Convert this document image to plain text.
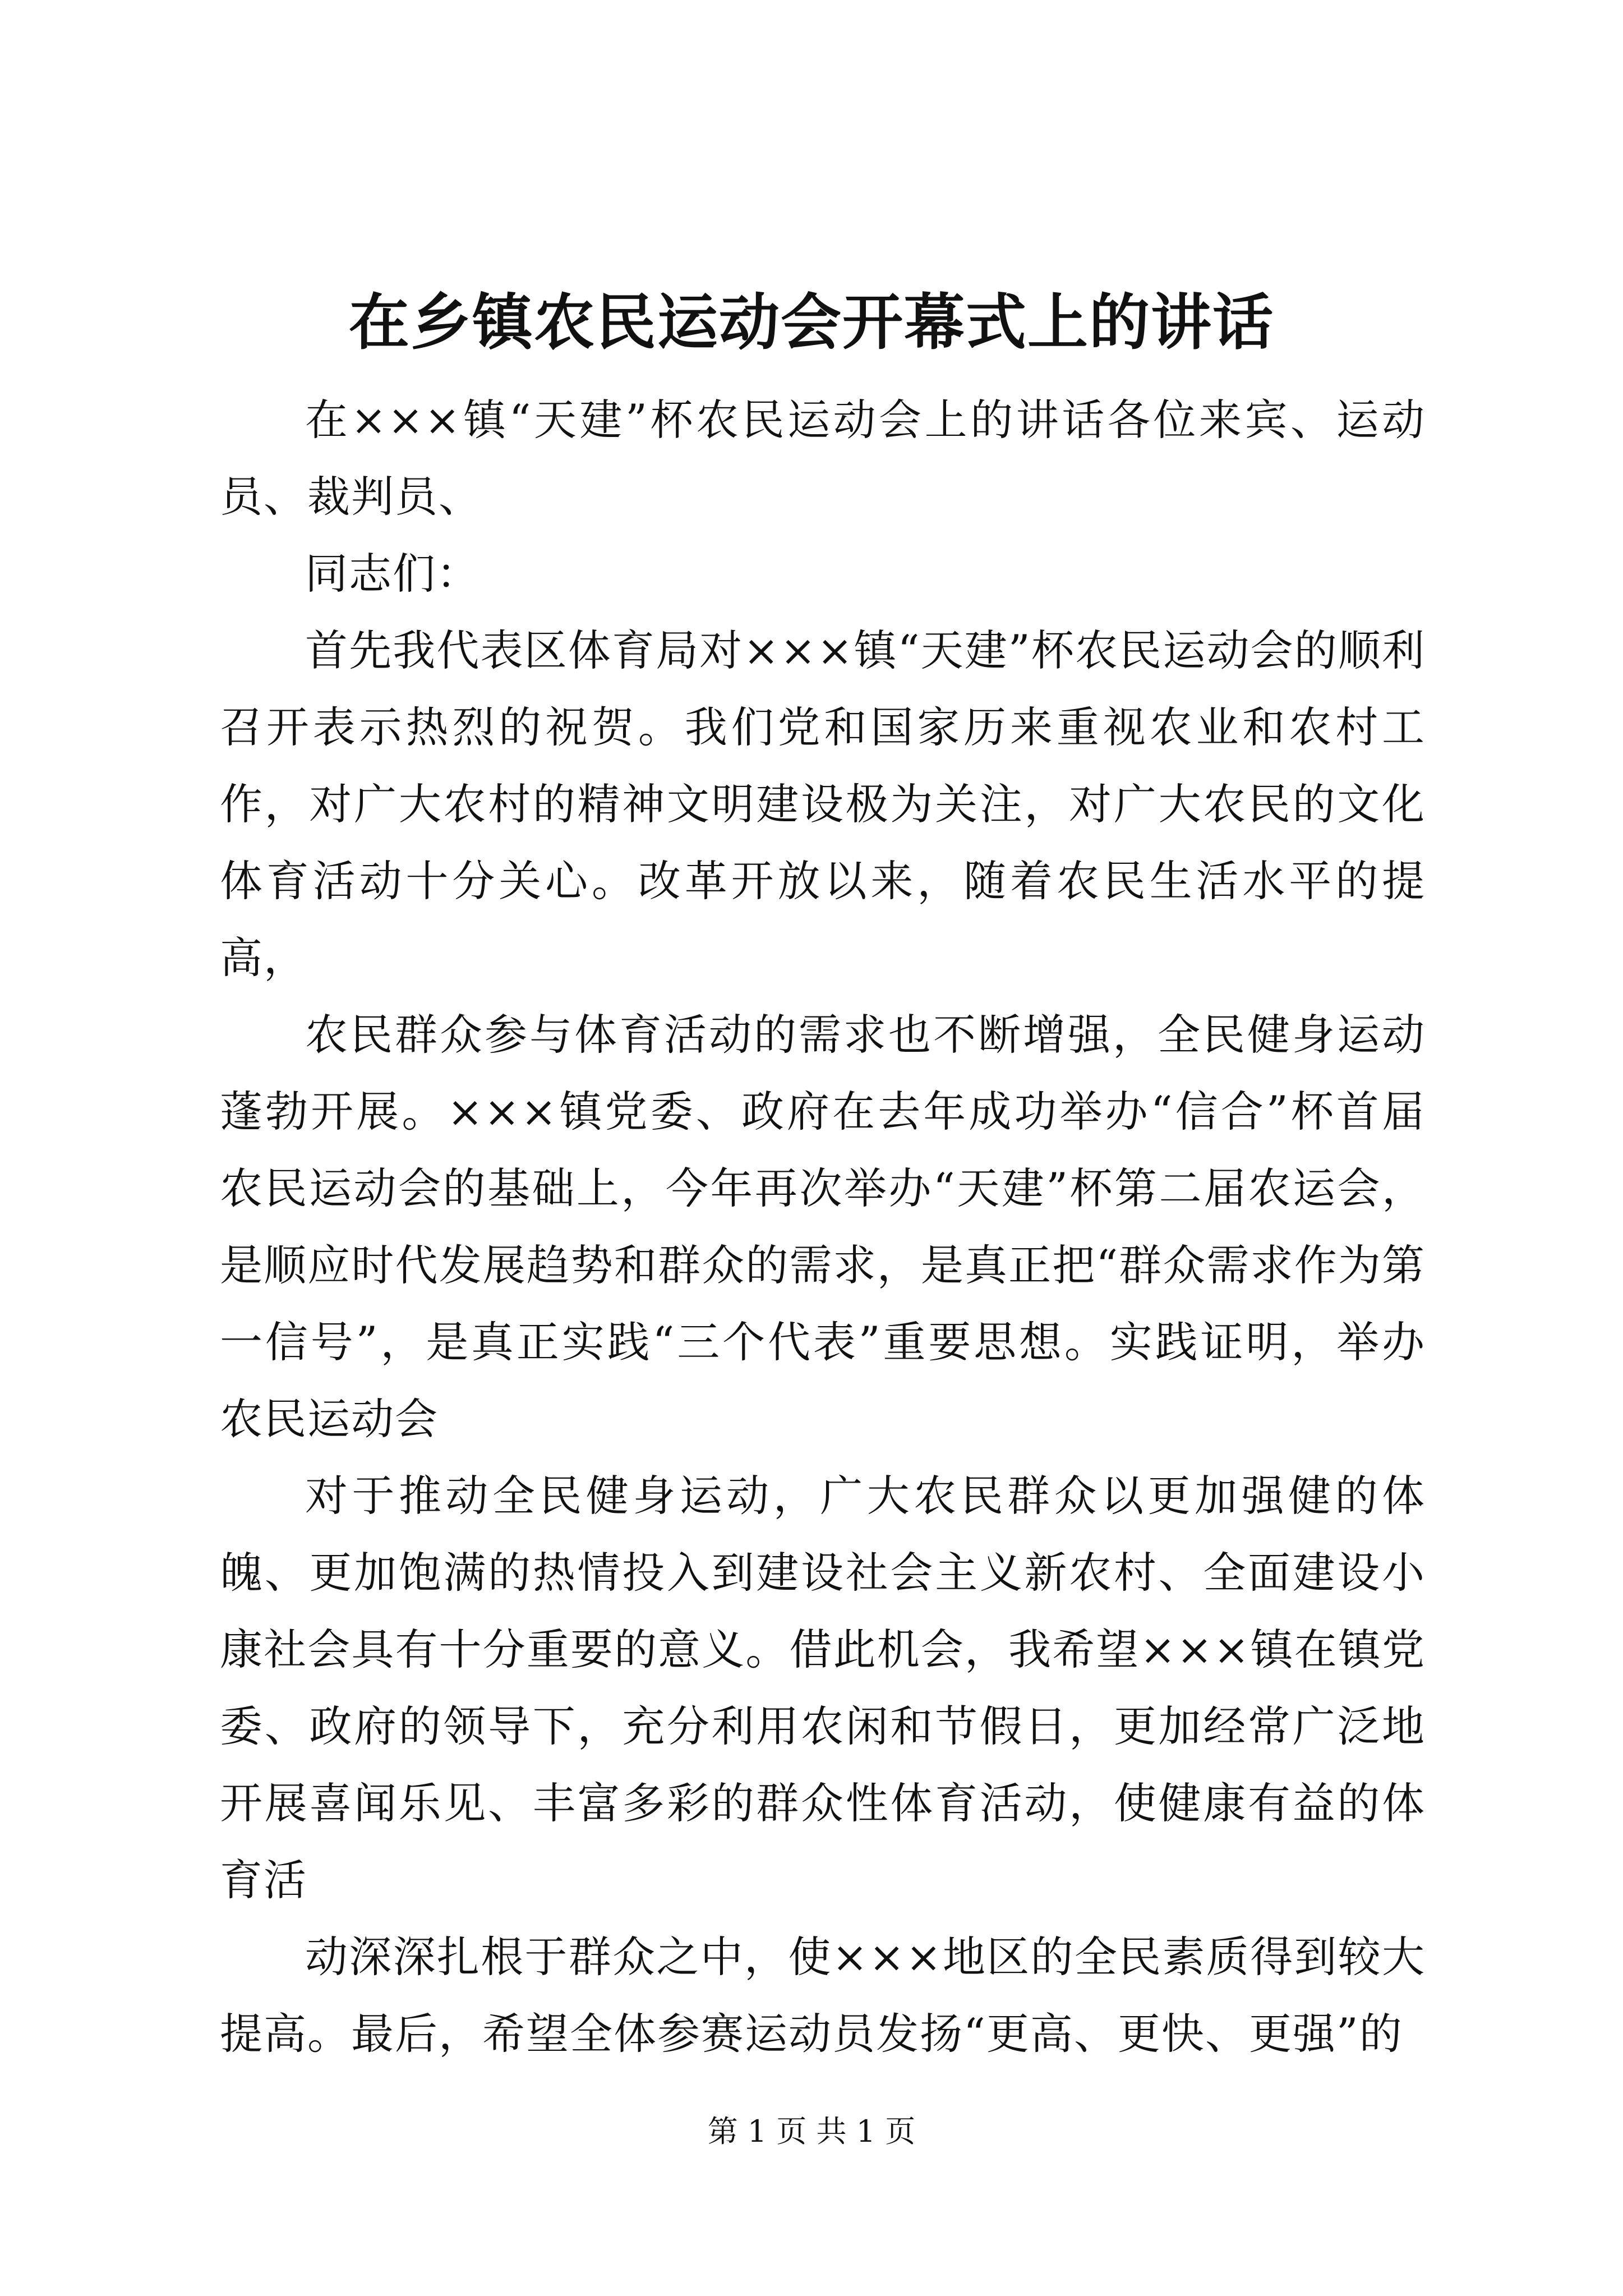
在乡镇农民运动会开幕式上的讲话

在×××镇“天建”杯农民运动会上的讲话各位来宾、运动员、裁判员、

同志们：

首先我代表区体育局对×××镇“天建”杯农民运动会的顺利召开表示热烈的祝贺。我们党和国家历来重视农业和农村工作，对广大农村的精神文明建设极为关注，对广大农民的文化体育活动十分关心。改革开放以来，随着农民生活水平的提高，

农民群众参与体育活动的需求也不断增强，全民健身运动蓬勃开展。×××镇党委、政府在去年成功举办“信合”杯首届农民运动会的基础上，今年再次举办“天建”杯第二届农运会，是顺应时代发展趋势和群众的需求，是真正把“群众需求作为第一信号”，是真正实践“三个代表”重要思想。实践证明，举办农民运动会

对于推动全民健身运动，广大农民群众以更加强健的体魄、更加饱满的热情投入到建设社会主义新农村、全面建设小康社会具有十分重要的意义。借此机会，我希望×××镇在镇党委、政府的领导下，充分利用农闲和节假日，更加经常广泛地开展喜闻乐见、丰富多彩的群众性体育活动，使健康有益的体育活

动深深扎根于群众之中，使×××地区的全民素质得到较大提高。最后，希望全体参赛运动员发扬“更高、更快、更强”的

第 1 页 共 1 页
